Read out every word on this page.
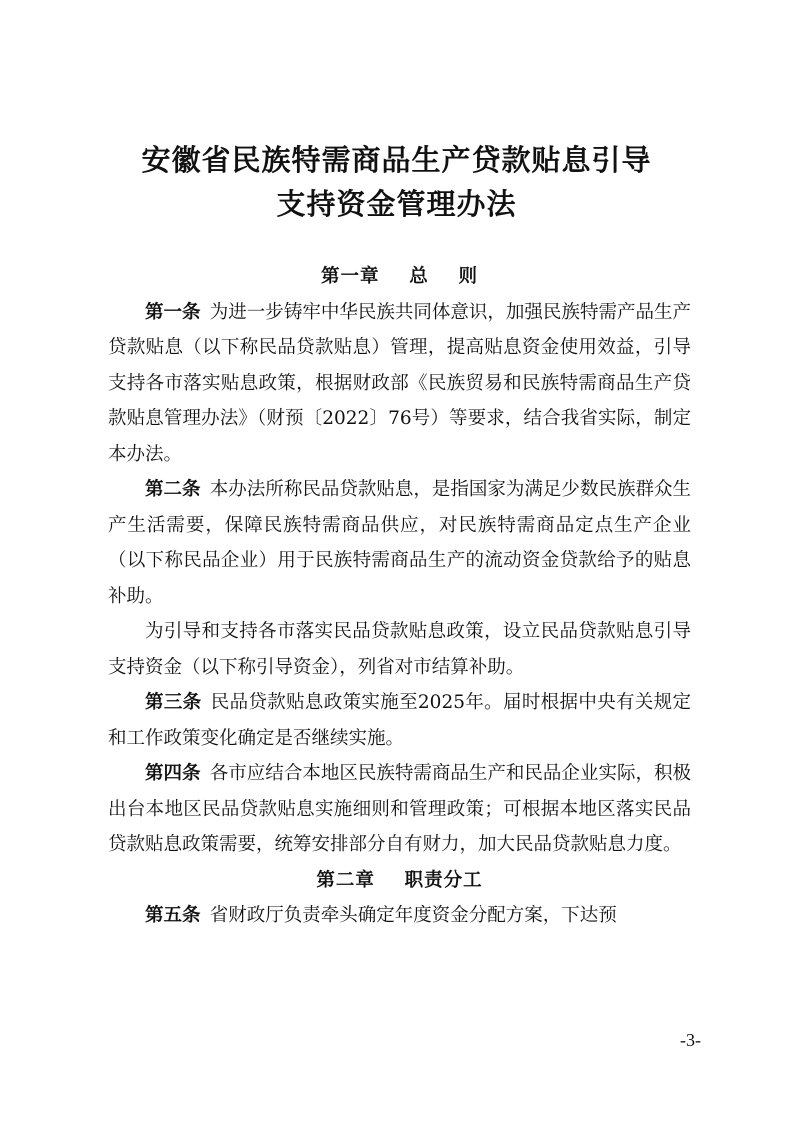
安徽省民族特需商品生产贷款贴息引导
支持资金管理办法
第一章    总    则

第一条 为进一步铸牢中华民族共同体意识，加强民族特需产品生产贷款贴息（以下称民品贷款贴息）管理，提高贴息资金使用效益，引导支持各市落实贴息政策，根据财政部《民族贸易和民族特需商品生产贷款贴息管理办法》（财预〔2022〕76号）等要求，结合我省实际，制定本办法。

第二条 本办法所称民品贷款贴息，是指国家为满足少数民族群众生产生活需要，保障民族特需商品供应，对民族特需商品定点生产企业（以下称民品企业）用于民族特需商品生产的流动资金贷款给予的贴息补助。

为引导和支持各市落实民品贷款贴息政策，设立民品贷款贴息引导支持资金（以下称引导资金），列省对市结算补助。

第三条 民品贷款贴息政策实施至2025年。届时根据中央有关规定和工作政策变化确定是否继续实施。

第四条 各市应结合本地区民族特需商品生产和民品企业实际，积极出台本地区民品贷款贴息实施细则和管理政策；可根据本地区落实民品贷款贴息政策需要，统筹安排部分自有财力，加大民品贷款贴息力度。

第二章    职责分工

第五条 省财政厅负责牵头确定年度资金分配方案，下达预

-3-
